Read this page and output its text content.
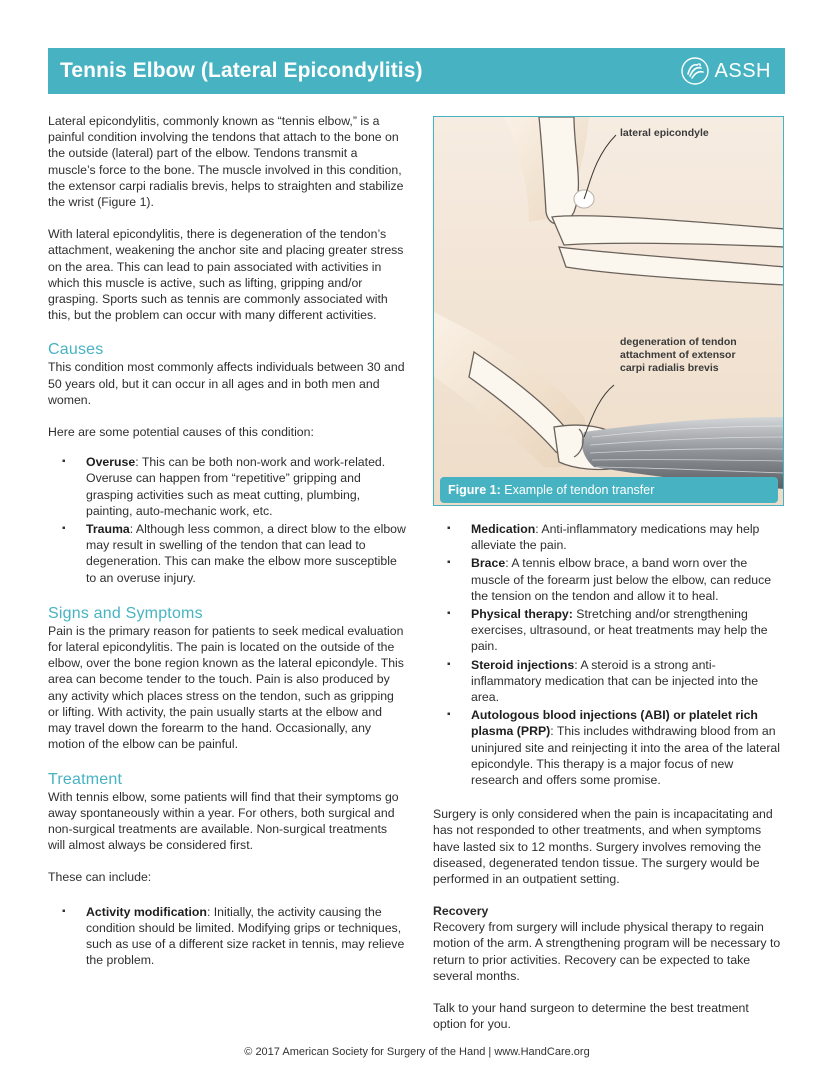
Tennis Elbow (Lateral Epicondylitis)	ASSH

Lateral epicondylitis, commonly known as “tennis elbow,” is a painful condition involving the tendons that attach to the bone on the outside (lateral) part of the elbow. Tendons transmit a muscle’s force to the bone. The muscle involved in this condition, the extensor carpi radialis brevis, helps to straighten and stabilize the wrist (Figure 1).

With lateral epicondylitis, there is degeneration of the tendon’s attachment, weakening the anchor site and placing greater stress on the area. This can lead to pain associated with activities in which this muscle is active, such as lifting, gripping and/or grasping. Sports such as tennis are commonly associated with this, but the problem can occur with many different activities.

Causes

This condition most commonly affects individuals between 30 and 50 years old, but it can occur in all ages and in both men and women.

Here are some potential causes of this condition:

▪ Overuse: This can be both non-work and work-related. Overuse can happen from “repetitive” gripping and grasping activities such as meat cutting, plumbing, painting, auto-mechanic work, etc.
▪ Trauma: Although less common, a direct blow to the elbow may result in swelling of the tendon that can lead to degeneration. This can make the elbow more susceptible to an overuse injury.
Signs and Symptoms

Pain is the primary reason for patients to seek medical evaluation for lateral epicondylitis. The pain is located on the outside of the elbow, over the bone region known as the lateral epicondyle. This area can become tender to the touch. Pain is also produced by any activity which places stress on the tendon, such as gripping or lifting. With activity, the pain usually starts at the elbow and may travel down the forearm to the hand. Occasionally, any motion of the elbow can be painful.

Treatment

With tennis elbow, some patients will find that their symptoms go away spontaneously within a year. For others, both surgical and non-surgical treatments are available. Non-surgical treatments will almost always be considered first.

These can include:

▪ Activity modification: Initially, the activity causing the condition should be limited. Modifying grips or techniques, such as use of a different size racket in tennis, may relieve the problem.
lateral epicondyle
degeneration of tendon
attachment of extensor
carpi radialis brevis
Figure 1: Example of tendon transfer
▪ Medication: Anti-inflammatory medications may help alleviate the pain.
▪ Brace: A tennis elbow brace, a band worn over the muscle of the forearm just below the elbow, can reduce the tension on the tendon and allow it to heal.
▪ Physical therapy: Stretching and/or strengthening exercises, ultrasound, or heat treatments may help the pain.
▪ Steroid injections: A steroid is a strong anti-inflammatory medication that can be injected into the area.
▪ Autologous blood injections (ABI) or platelet rich plasma (PRP): This includes withdrawing blood from an uninjured site and reinjecting it into the area of the lateral epicondyle. This therapy is a major focus of new research and offers some promise.

Surgery is only considered when the pain is incapacitating and has not responded to other treatments, and when symptoms have lasted six to 12 months. Surgery involves removing the diseased, degenerated tendon tissue. The surgery would be performed in an outpatient setting.

Recovery

Recovery from surgery will include physical therapy to regain motion of the arm. A strengthening program will be necessary to return to prior activities. Recovery can be expected to take several months.

Talk to your hand surgeon to determine the best treatment option for you.

© 2017 American Society for Surgery of the Hand | www.HandCare.org
